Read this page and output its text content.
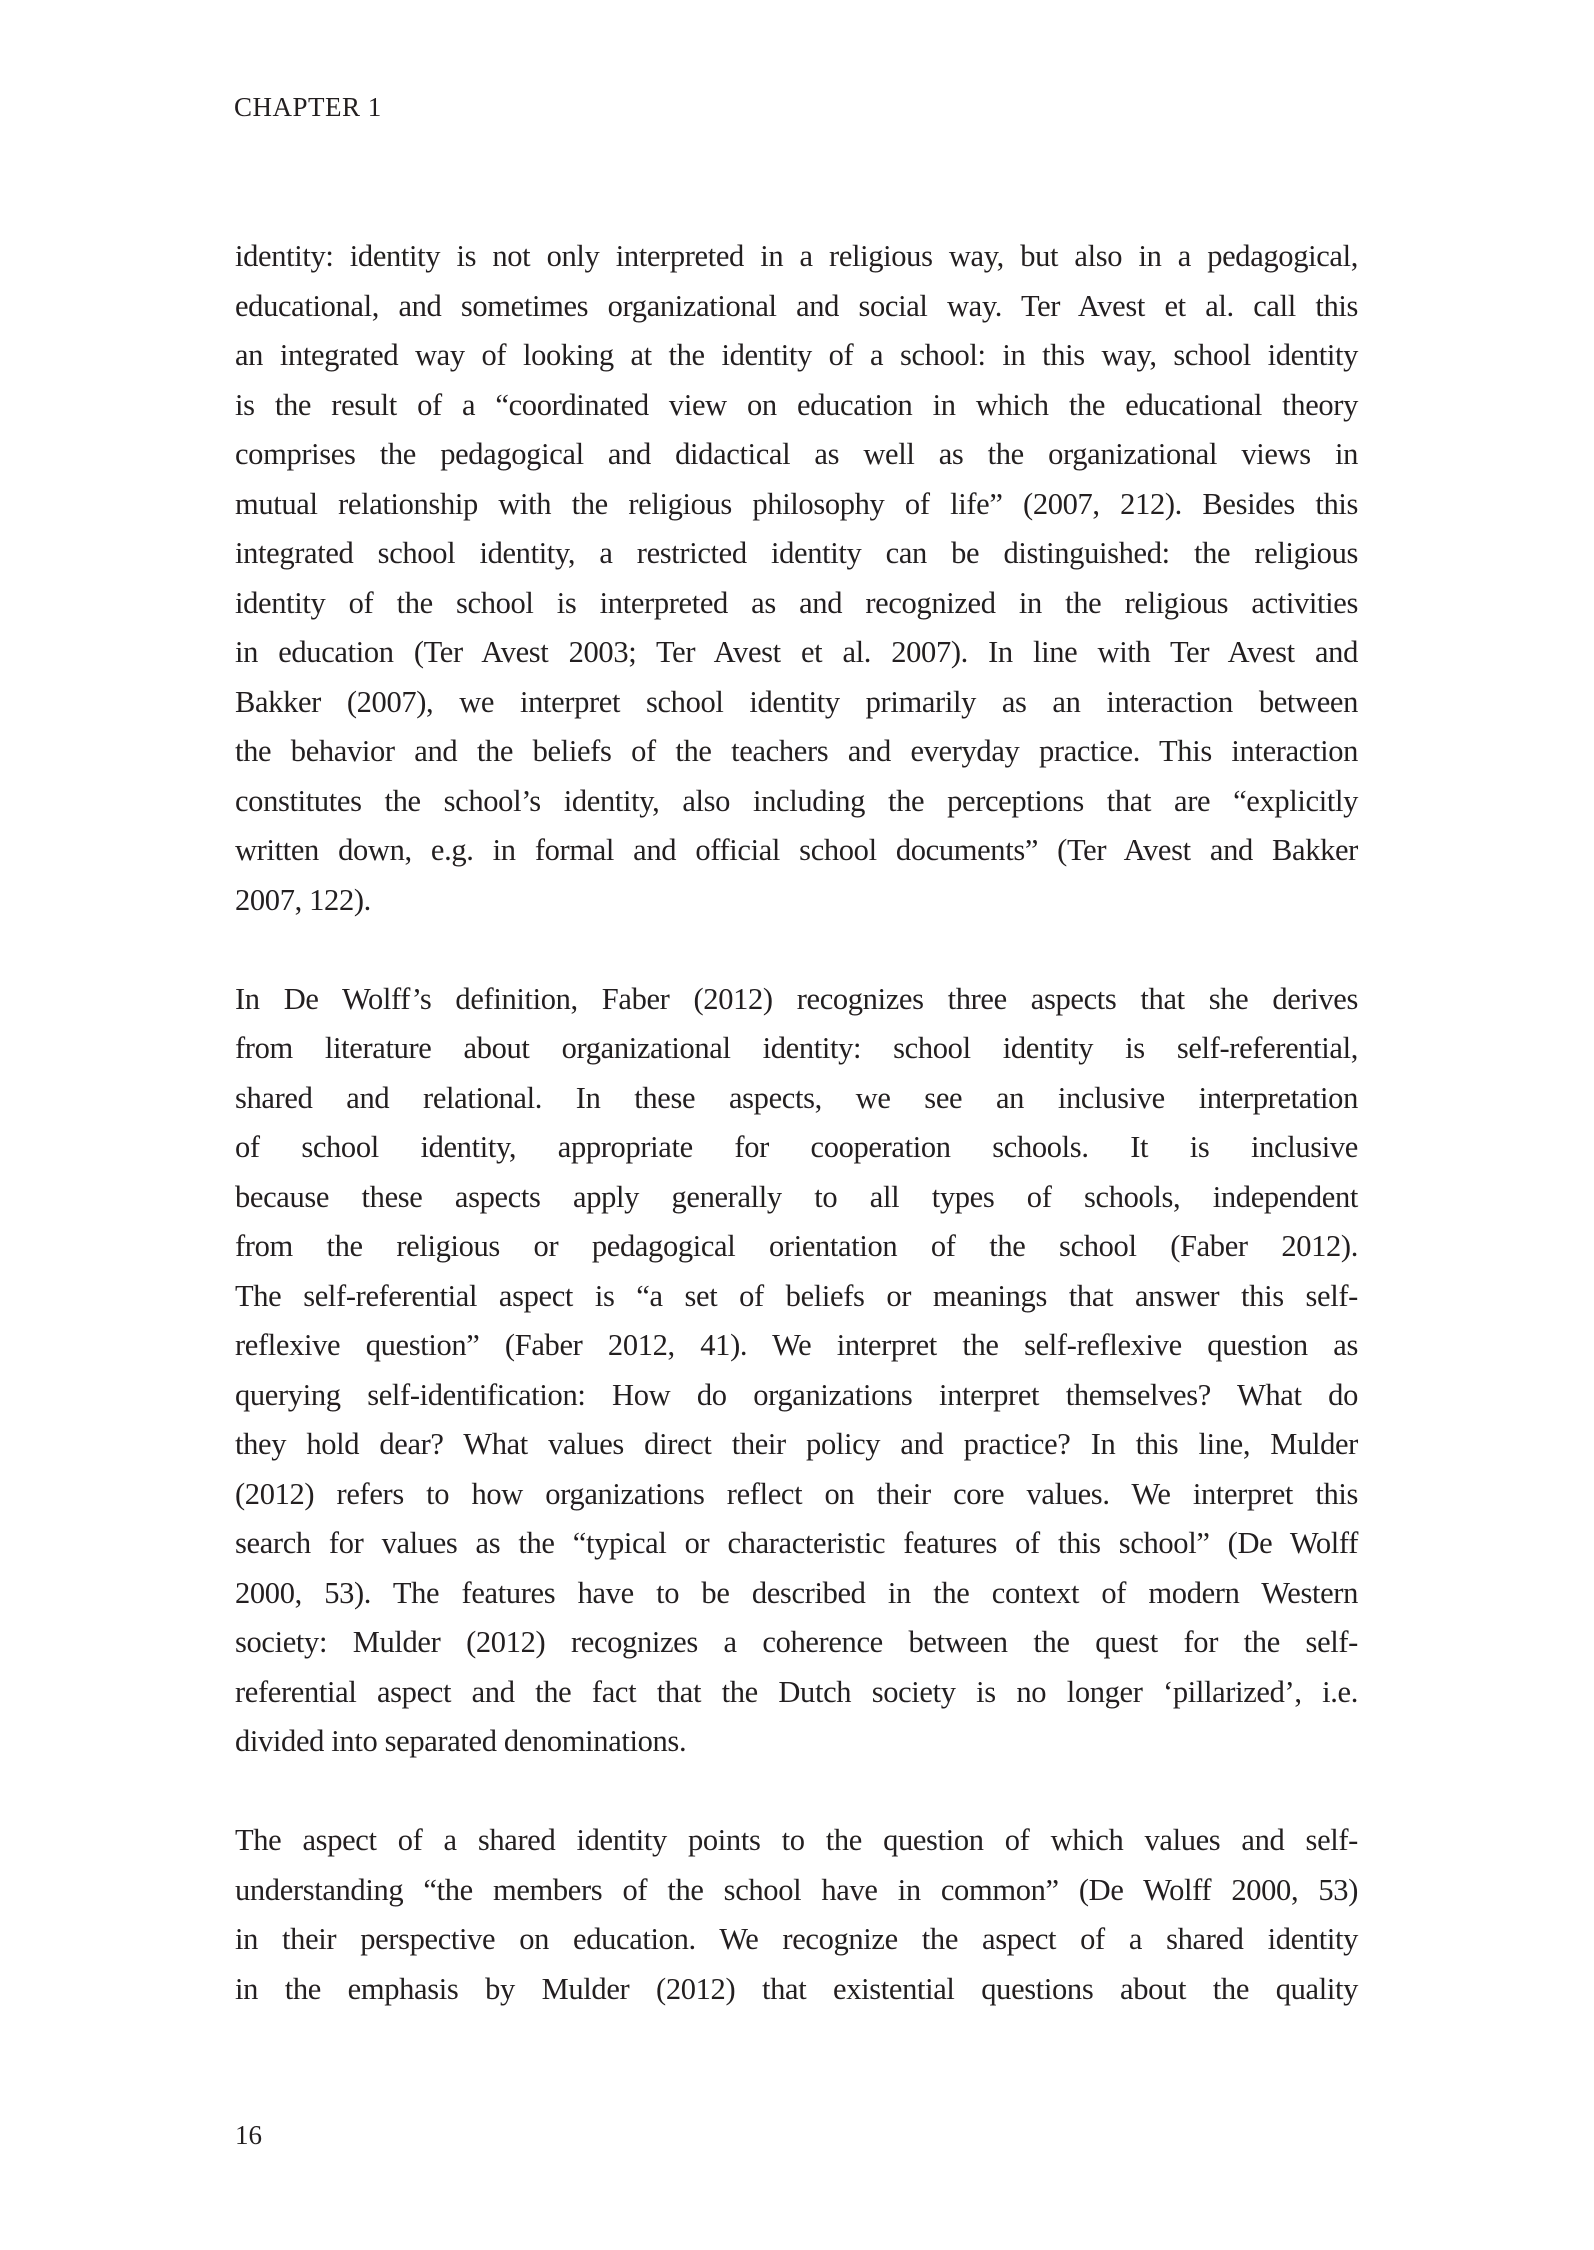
CHAPTER 1

identity: identity is not only interpreted in a religious way, but also in a pedagogical,
educational, and sometimes organizational and social way. Ter Avest et al. call this
an integrated way of looking at the identity of a school: in this way, school identity
is the result of a “coordinated view on education in which the educational theory
comprises the pedagogical and didactical as well as the organizational views in
mutual relationship with the religious philosophy of life” (2007, 212). Besides this
integrated school identity, a restricted identity can be distinguished: the religious
identity of the school is interpreted as and recognized in the religious activities
in education (Ter Avest 2003; Ter Avest et al. 2007). In line with Ter Avest and
Bakker (2007), we interpret school identity primarily as an interaction between
the behavior and the beliefs of the teachers and everyday practice. This interaction
constitutes the school’s identity, also including the perceptions that are “explicitly
written down, e.g. in formal and official school documents” (Ter Avest and Bakker
2007, 122).

In De Wolff’s definition, Faber (2012) recognizes three aspects that she derives
from literature about organizational identity: school identity is self-referential,
shared and relational. In these aspects, we see an inclusive interpretation
of school identity, appropriate for cooperation schools. It is inclusive
because these aspects apply generally to all types of schools, independent
from the religious or pedagogical orientation of the school (Faber 2012).
The self-referential aspect is “a set of beliefs or meanings that answer this self-
reflexive question” (Faber 2012, 41). We interpret the self-reflexive question as
querying self-identification: How do organizations interpret themselves? What do
they hold dear? What values direct their policy and practice? In this line, Mulder
(2012) refers to how organizations reflect on their core values. We interpret this
search for values as the “typical or characteristic features of this school” (De Wolff
2000, 53). The features have to be described in the context of modern Western
society: Mulder (2012) recognizes a coherence between the quest for the self-
referential aspect and the fact that the Dutch society is no longer ‘pillarized’, i.e.
divided into separated denominations.

The aspect of a shared identity points to the question of which values and self-
understanding “the members of the school have in common” (De Wolff 2000, 53)
in their perspective on education. We recognize the aspect of a shared identity
in the emphasis by Mulder (2012) that existential questions about the quality

16
